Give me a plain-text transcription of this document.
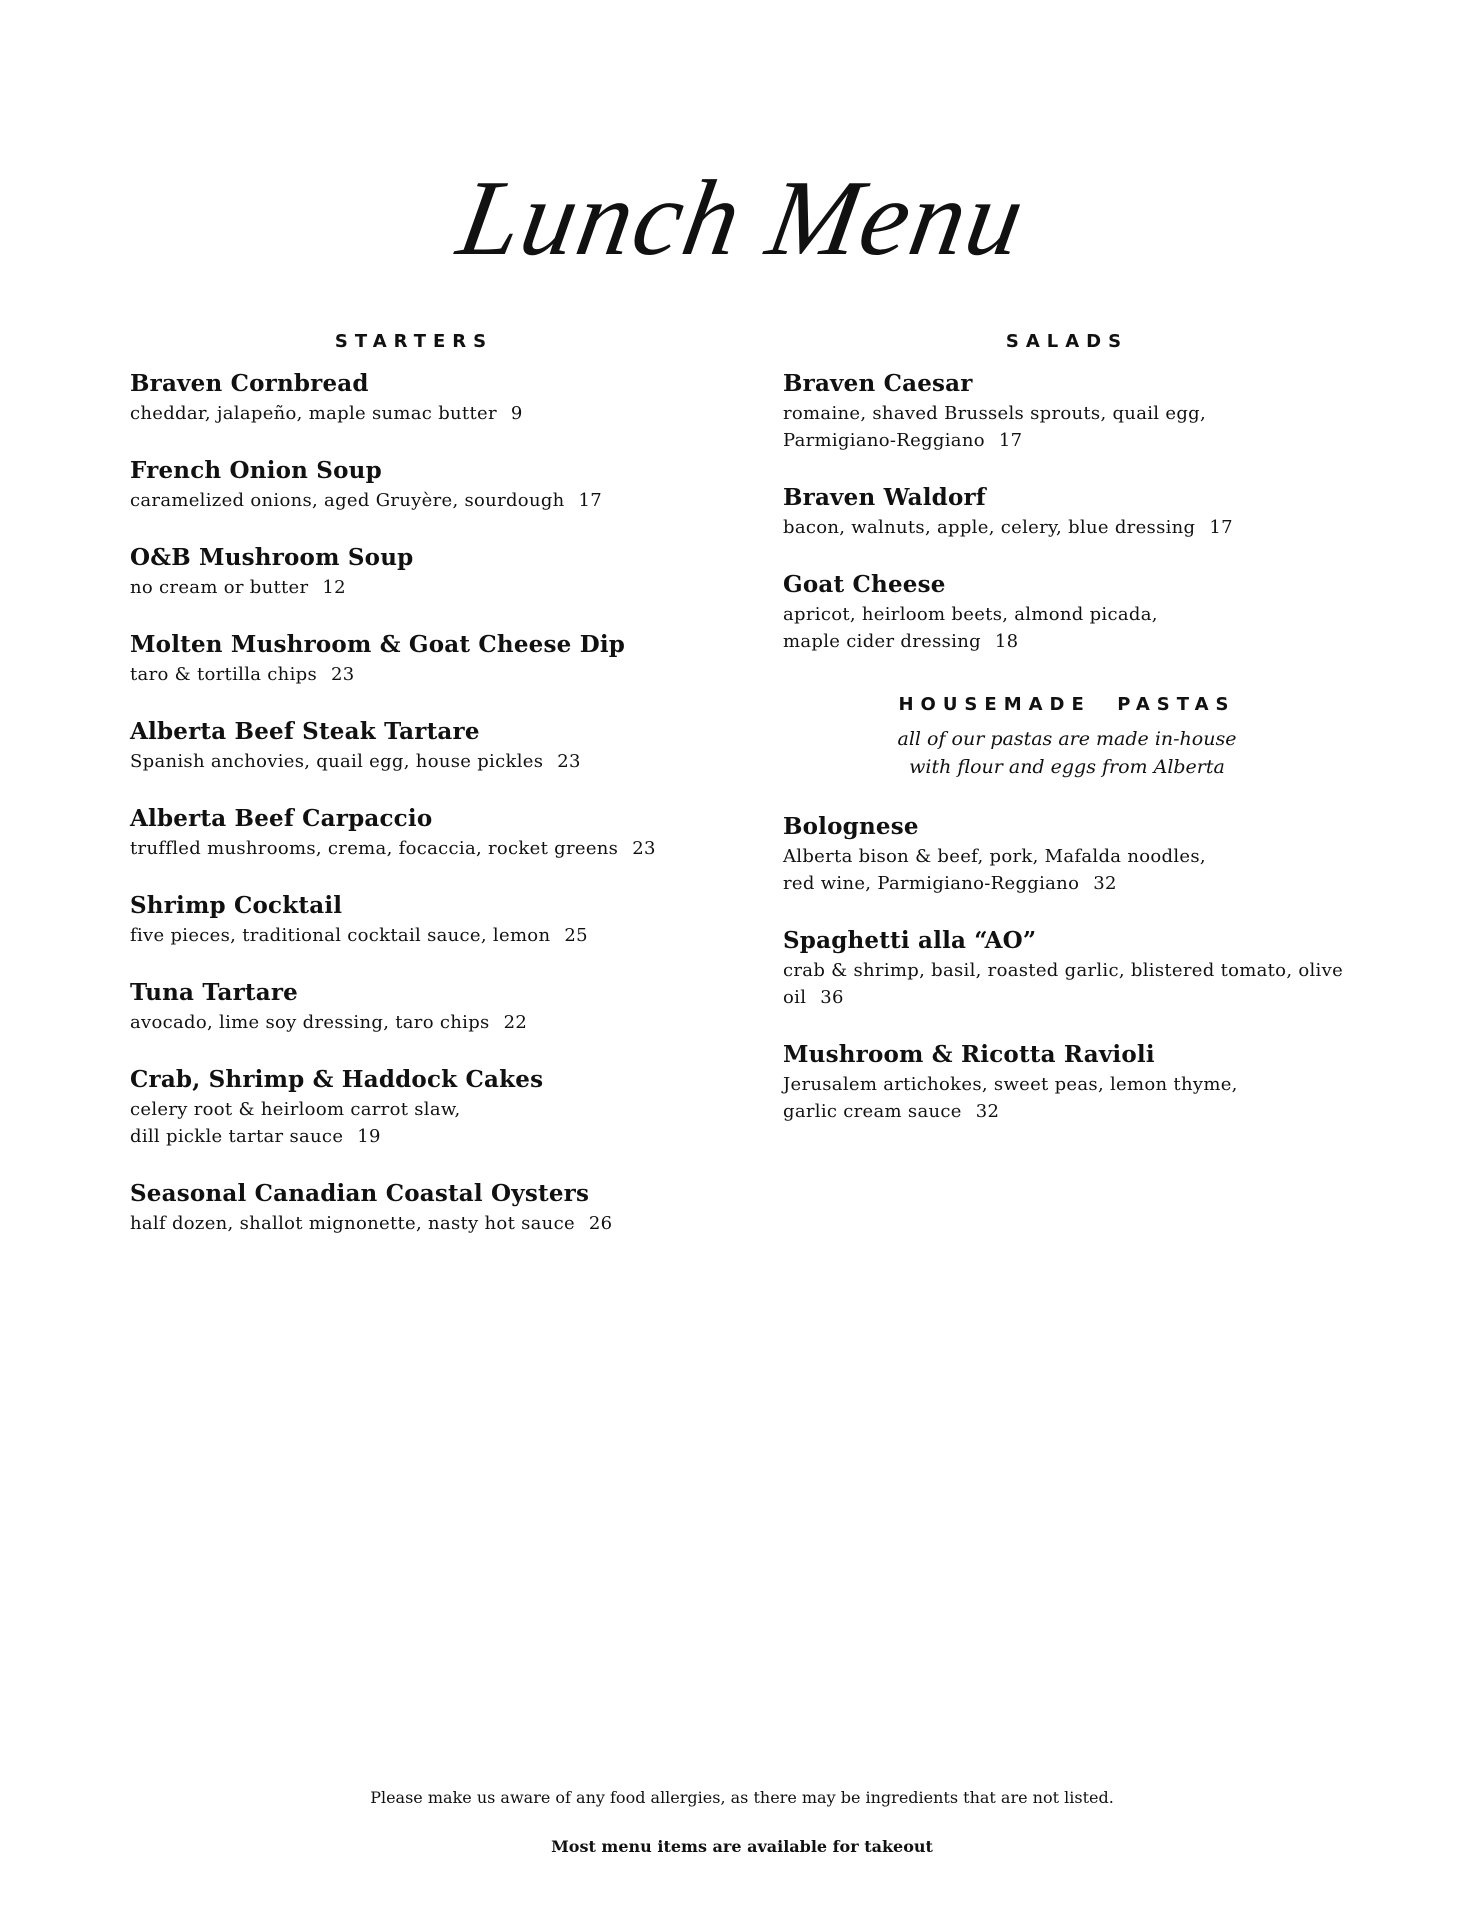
Lunch Menu
STARTERS
Braven Cornbread
cheddar, jalapeño, maple sumac butter 9
French Onion Soup
caramelized onions, aged Gruyère, sourdough 17
O&B Mushroom Soup
no cream or butter 12
Molten Mushroom & Goat Cheese Dip
taro & tortilla chips 23
Alberta Beef Steak Tartare
Spanish anchovies, quail egg, house pickles 23
Alberta Beef Carpaccio
truffled mushrooms, crema, focaccia, rocket greens 23
Shrimp Cocktail
five pieces, traditional cocktail sauce, lemon 25
Tuna Tartare
avocado, lime soy dressing, taro chips 22
Crab, Shrimp & Haddock Cakes
celery root & heirloom carrot slaw,
dill pickle tartar sauce 19
Seasonal Canadian Coastal Oysters
half dozen, shallot mignonette, nasty hot sauce 26
SALADS
Braven Caesar
romaine, shaved Brussels sprouts, quail egg,
Parmigiano-Reggiano 17
Braven Waldorf
bacon, walnuts, apple, celery, blue dressing 17
Goat Cheese
apricot, heirloom beets, almond picada,
maple cider dressing 18
HOUSEMADE  PASTAS
all of our pastas are made in-house
with flour and eggs from Alberta
Bolognese
Alberta bison & beef, pork, Mafalda noodles,
red wine, Parmigiano-Reggiano 32
Spaghetti alla “AO”
crab & shrimp, basil, roasted garlic, blistered tomato, olive
oil 36
Mushroom & Ricotta Ravioli
Jerusalem artichokes, sweet peas, lemon thyme,
garlic cream sauce 32
Please make us aware of any food allergies, as there may be ingredients that are not listed.
Most menu items are available for takeout
